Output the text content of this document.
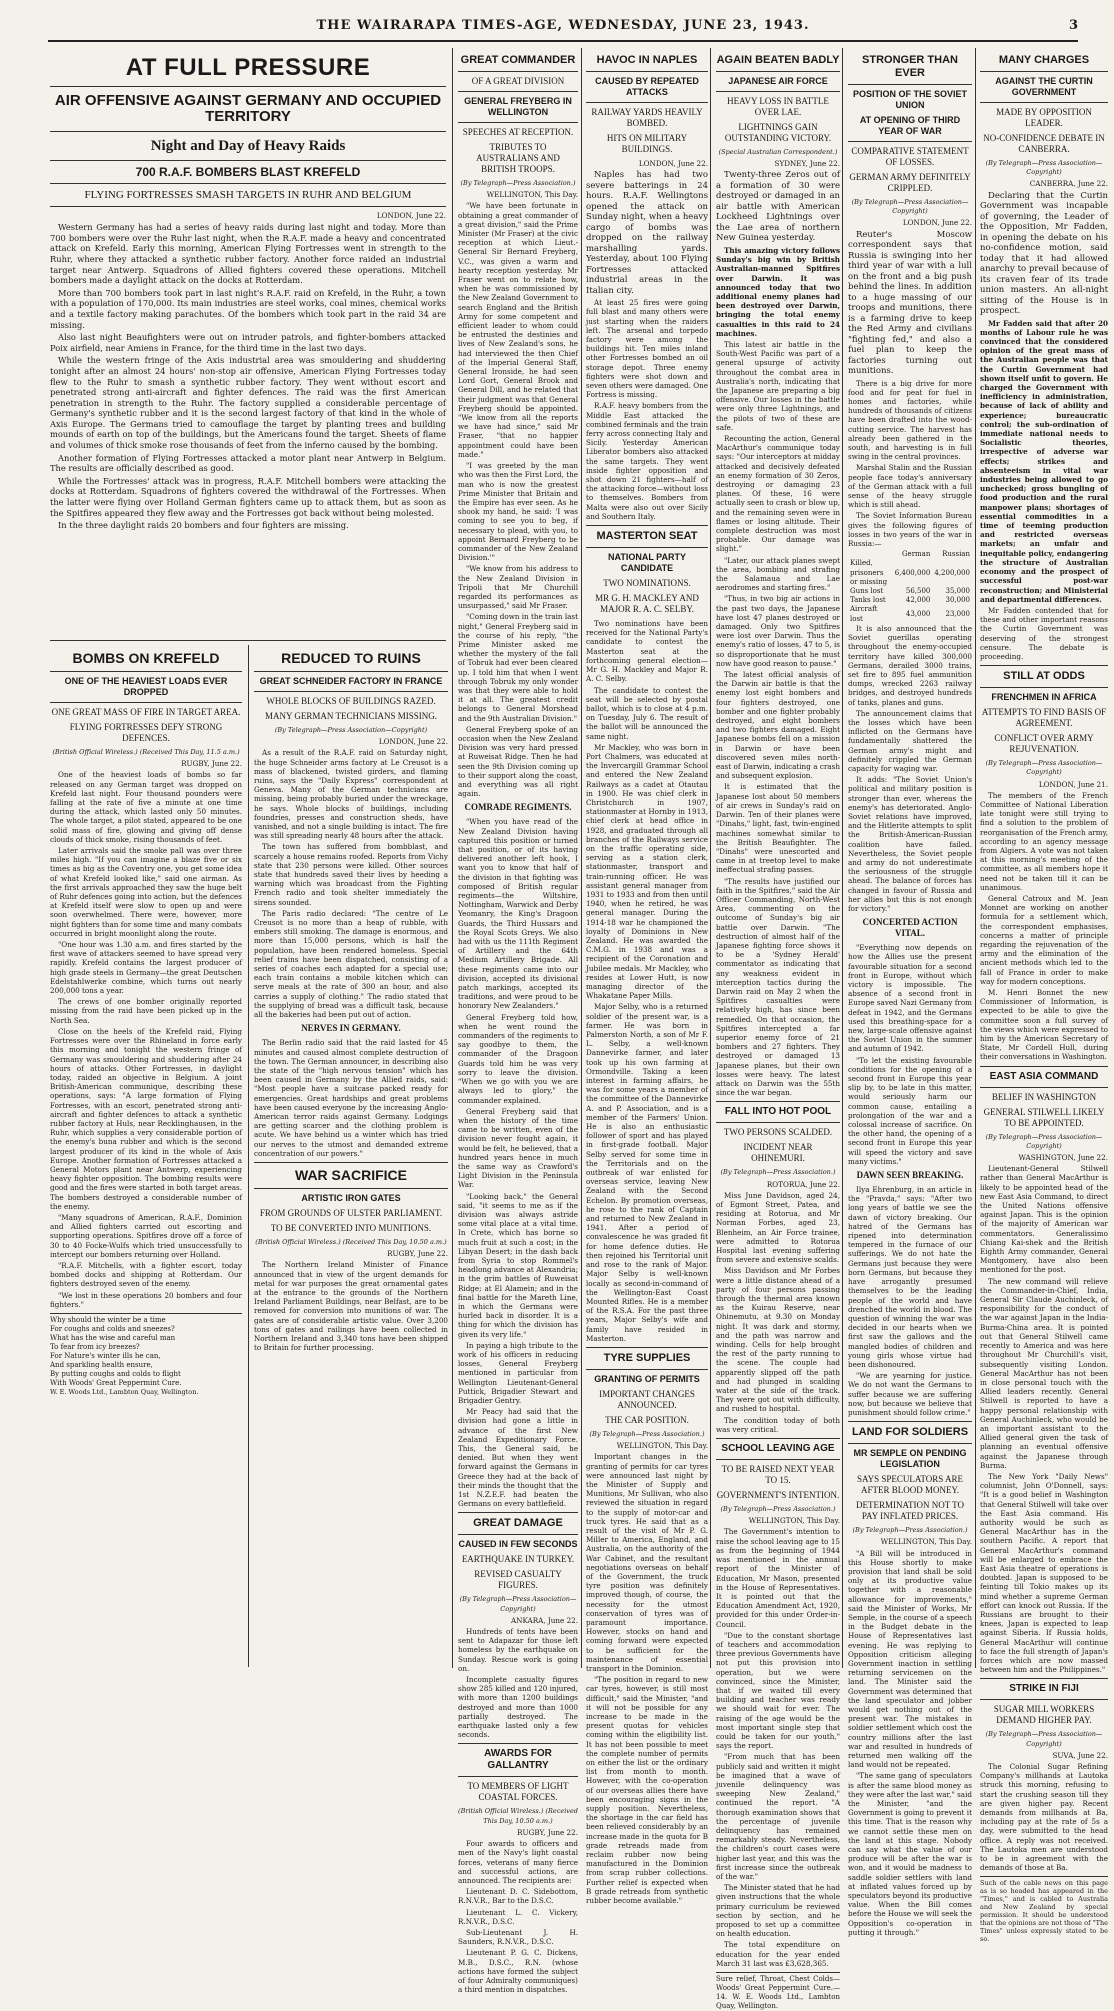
THE WAIRARAPA TIMES-AGE, WEDNESDAY, JUNE 23, 1943.	3
AT FULL PRESSURE
AIR OFFENSIVE AGAINST GERMANY AND OCCUPIED TERRITORY
Night and Day of Heavy Raids
700 R.A.F. BOMBERS BLAST KREFELD
FLYING FORTRESSES SMASH TARGETS IN RUHR AND BELGIUM
LONDON, June 22.

Western Germany has had a series of heavy raids during last night and today. More than 700 bombers were over the Ruhr last night, when the R.A.F. made a heavy and concentrated attack on Krefeld. Early this morning, American Flying Fortresses went in strength to the Ruhr, where they attacked a synthetic rubber factory. Another force raided an industrial target near Antwerp. Squadrons of Allied fighters covered these operations. Mitchell bombers made a daylight attack on the docks at Rotterdam.

More than 700 bombers took part in last night's R.A.F. raid on Krefeld, in the Ruhr, a town with a population of 170,000. Its main industries are steel works, coal mines, chemical works and a textile factory making parachutes. Of the bombers which took part in the raid 34 are missing.

Also last night Beaufighters were out on intruder patrols, and fighter-bombers attacked Poix airfield, near Amiens in France, for the third time in the last two days.

While the western fringe of the Axis industrial area was smouldering and shuddering tonight after an almost 24 hours' non-stop air offensive, American Flying Fortresses today flew to the Ruhr to smash a synthetic rubber factory. They went without escort and penetrated strong anti-aircraft and fighter defences. The raid was the first American penetration in strength to the Ruhr. The factory supplied a considerable percentage of Germany's synthetic rubber and it is the second largest factory of that kind in the whole of Axis Europe. The Germans tried to camouflage the target by planting trees and building mounds of earth on top of the buildings, but the Americans found the target. Sheets of flame and volumes of thick smoke rose thousands of feet from the inferno caused by the bombing.

Another formation of Flying Fortresses attacked a motor plant near Antwerp in Belgium. The results are officially described as good.

While the Fortresses' attack was in progress, R.A.F. Mitchell bombers were attacking the docks at Rotterdam. Squadrons of fighters covered the withdrawal of the Fortresses. When the latter were flying over Holland German fighters came up to attack them, but as soon as the Spitfires appeared they flew away and the Fortresses got back without being molested.

In the three daylight raids 20 bombers and four fighters are missing.

BOMBS ON KREFELD
ONE OF THE HEAVIEST LOADS EVER DROPPED
ONE GREAT MASS OF FIRE IN TARGET AREA.
FLYING FORTRESSES DEFY STRONG DEFENCES.
(British Official Wireless.) (Received This Day, 11.5 a.m.)
RUGBY, June 22.

One of the heaviest loads of bombs so far released on any German target was dropped on Krefeld last night. Four thousand pounders were falling at the rate of five a minute at one time during the attack, which lasted only 50 minutes. The whole target, a pilot stated, appeared to be one solid mass of fire, glowing and giving off dense clouds of thick smoke, rising thousands of feet.

Later arrivals said the smoke pall was over three miles high. "If you can imagine a blaze five or six times as big as the Coventry one, you get some idea of what Krefeld looked like," said one airman. As the first arrivals approached they saw the huge belt of Ruhr defences going into action, but the defences at Krefeld itself were slow to open up and were soon overwhelmed. There were, however, more night fighters than for some time and many combats occurred in bright moonlight along the route.

"One hour was 1.30 a.m. and fires started by the first wave of attackers seemed to have spread very rapidly. Krefeld contains the largest producer of high grade steels in Germany—the great Deutschen Edelstahlwerke combine, which turns out nearly 200,000 tons a year.

The crews of one bomber originally reported missing from the raid have been picked up in the North Sea.

Close on the heels of the Krefeld raid, Flying Fortresses were over the Rhineland in force early this morning and tonight the western fringe of Germany was smouldering and shuddering after 24 hours of attacks. Other Fortresses, in daylight today, raided an objective in Belgium. A joint British-American communique, describing these operations, says: "A large formation of Flying Fortresses, with an escort, penetrated strong anti-aircraft and fighter defences to attack a synthetic rubber factory at Huls, near Recklinghausen, in the Ruhr, which supplies a very considerable portion of the enemy's buna rubber and which is the second largest producer of its kind in the whole of Axis Europe. Another formation of Fortresses attacked a General Motors plant near Antwerp, experiencing heavy fighter opposition. The bombing results were good and the fires were started in both target areas. The bombers destroyed a considerable number of the enemy.

"Many squadrons of American, R.A.F., Dominion and Allied fighters carried out escorting and supporting operations. Spitfires drove off a force of 30 to 40 Focke-Wulfs which tried unsuccessfully to intercept our bombers returning over Holland.

"R.A.F. Mitchells, with a fighter escort, today bombed docks and shipping at Rotterdam. Our fighters destroyed seven of the enemy.

"We lost in these operations 20 bombers and four fighters."

Why should the winter be a time
For coughs and colds and sneezes?
What has the wise and careful man
To fear from icy breezes?
For Nature's winter ills he can,
And sparkling health ensure,
By putting coughs and colds to flight
With Woods' Great Peppermint Cure.
W. E. Woods Ltd., Lambton Quay, Wellington.
REDUCED TO RUINS
GREAT SCHNEIDER FACTORY IN FRANCE
WHOLE BLOCKS OF BUILDINGS RAZED.
MANY GERMAN TECHNICIANS MISSING.
(By Telegraph—Press Association—Copyright)
LONDON, June 22.

As a result of the R.A.F. raid on Saturday night, the huge Schneider arms factory at Le Creusot is a mass of blackened, twisted girders, and flaming ruins, says the "Daily Express" correspondent at Geneva. Many of the German technicians are missing, being probably buried under the wreckage, he says. Whole blocks of buildings, including foundries, presses and construction sheds, have vanished, and not a single building is intact. The fire was still spreading nearly 48 hours after the attack.

The town has suffered from bombblast, and scarcely a house remains roofed. Reports from Vichy state that 230 persons were killed. Other sources state that hundreds saved their lives by heeding a warning which was broadcast from the Fighting French radio and took shelter immediately the sirens sounded.

The Paris radio declared: "The centre of Le Creusot is no more than a heap of rubble, with embers still smoking. The damage is enormous, and more than 15,000 persons, which is half the population, have been rendered homeless. Special relief trains have been dispatched, consisting of a series of coaches each adapted for a special use; each train contains a mobile kitchen which can serve meals at the rate of 300 an hour, and also carries a supply of clothing." The radio stated that the supplying of bread was a difficult task, because all the bakeries had been put out of action.

NERVES IN GERMANY.

The Berlin radio said that the raid lasted for 45 minutes and caused almost complete destruction of the town. The German announcer, in describing also the state of the "high nervous tension" which has been caused in Germany by the Allied raids, said: "Most people have a suitcase packed ready for emergencies. Great hardships and great problems have been caused everyone by the increasing Anglo-American terror raids against Germany. Lodgings are getting scarcer and the clothing problem is acute. We have behind us a winter which has tried our nerves to the utmost and demanded extreme concentration of our powers."

WAR SACRIFICE
ARTISTIC IRON GATES
FROM GROUNDS OF ULSTER PARLIAMENT.
TO BE CONVERTED INTO MUNITIONS.
(British Official Wireless.) (Received This Day, 10.50 a.m.)
RUGBY, June 22.

The Northern Ireland Minister of Finance announced that in view of the urgent demands for metal for war purposes the great ornamental gates at the entrance to the grounds of the Northern Ireland Parliament Buildings, near Belfast, are to be removed for conversion into munitions of war. The gates are of considerable artistic value. Over 3,200 tons of gates and railings have been collected in Northern Ireland and 3,340 tons have been shipped to Britain for further processing.

GREAT COMMANDER
OF A GREAT DIVISION
GENERAL FREYBERG IN WELLINGTON
SPEECHES AT RECEPTION.
TRIBUTES TO AUSTRALIANS AND BRITISH TROOPS.
(By Telegraph—Press Association.)
WELLINGTON, This Day.

"We have been fortunate in obtaining a great commander of a great division," said the Prime Minister (Mr Fraser) at the civic reception at which Lieut.-General Sir Bernard Freyberg, V.C., was given a warm and hearty reception yesterday. Mr Fraser went on to relate how, when he was commissioned by the New Zealand Government to search England and the British Army for some competent and efficient leader to whom could be entrusted the destinies and lives of New Zealand's sons, he had interviewed the then Chief of the Imperial General Staff, General Ironside, he had seen Lord Gort, General Brook and General Dill, and he related that their judgment was that General Freyberg should be appointed. "We know from all the reports we have had since," said Mr Fraser, "that no happier appointment could have been made."

"I was greeted by the man who was then the First Lord, the man who is now the greatest Prime Minister that Britain and the Empire has ever seen. As he shook my hand, he said: 'I was coming to see you to beg, if necessary to plead, with you, to appoint Bernard Freyberg to be commander of the New Zealand Division.'"

"We know from his address to the New Zealand Division in Tripoli that Mr Churchill regarded its performances as unsurpassed," said Mr Fraser.

"Coming down in the train last night," General Freyberg said in the course of his reply, "the Prime Minister asked me whether the mystery of the fall of Tobruk had ever been cleared up. I told him that when I went through Tobruk my only wonder was that they were able to hold it at all. The greatest credit belongs to General Morshead and the 9th Australian Division."

General Freyberg spoke of an occasion when the New Zealand Division was very hard pressed at Ruweisat Ridge. Then he had seen the 9th Division coming up to their support along the coast, and everything was all right again.

COMRADE REGIMENTS.

"When you have read of the New Zealand Division having captured this position or turned that position, or of its having delivered another left hook, I want you to know that half of the division in that fighting was composed of British regular regiments—the Wiltshire, Nottingham, Warwick and Derby Yeomanry, the King's Dragoon Guards, the Third Hussars and the Royal Scots Greys. We also had with us the 111th Regiment of Artillery and the 64th Medium Artillery Brigade. All these regiments came into our division, accepted its divisional patch markings, accepted its traditions, and were proud to be honorary New Zealanders."

General Freyberg told how, when he went round the commanders of the regiments to say goodbye to them, the commander of the Dragoon Guards told him he was very sorry to leave the division. "When we go with you we are always led to glory," the commander explained.

General Freyberg said that when the history of the time came to be written, even of the division never fought again, it would be felt, he believed, that a hundred years hence in much the same way as Crawford's Light Division in the Peninsula War.

"Looking back," the General said, "it seems to me as if the division was always astride some vital place at a vital time. In Crete, which has borne so much fruit at such a cost; in the Libyan Desert; in the dash back from Syria to stop Rommel's headlong advance at Alexandria; in the grim battles of Ruweisat Ridge; at El Alamein; and in the final battle for the Mareth Line, in which the Germans were hurled back in disorder. It is a thing for which the division has given its very life."

In paying a high tribute to the work of his officers in reducing losses, General Freyberg mentioned in particular from Wellington Lieutenant-General Puttick, Brigadier Stewart and Brigadier Gentry.

Mr Peacy had said that the division had gone a little in advance of the first New Zealand Expeditionary Force. This, the General said, he denied. But when they went forward against the Germans in Greece they had at the back of their minds the thought that the 1st N.Z.E.F. had beaten the Germans on every battlefield.

GREAT DAMAGE
CAUSED IN FEW SECONDS
EARTHQUAKE IN TURKEY.
REVISED CASUALTY FIGURES.
(By Telegraph—Press Association—Copyright)
ANKARA, June 22.

Hundreds of tents have been sent to Adapazar for those left homeless by the earthquake on Sunday. Rescue work is going on.

Incomplete casualty figures show 285 killed and 120 injured, with more than 1200 buildings destroyed and more than 1000 partially destroyed. The earthquake lasted only a few seconds.

AWARDS FOR GALLANTRY
TO MEMBERS OF LIGHT COASTAL FORCES.
(British Official Wireless.) (Received This Day, 10.50 a.m.)
RUGBY, June 22.

Four awards to officers and men of the Navy's light coastal forces, veterans of many fierce and successful actions, are announced. The recipients are:

Lieutenant D. C. Sidebottom, R.N.V.R., Bar to the D.S.C.

Lieutenant L. C. Vickery, R.N.V.R., D.S.C.

Sub-Lieutenant J. H. Saunders, R.N.V.R., D.S.C.

Lieutenant P. G. C. Dickens, M.B., D.S.C., R.N. (whose actions have formed the subject of four Admiralty communiques) a third mention in dispatches.

HAVOC IN NAPLES
CAUSED BY REPEATED ATTACKS
RAILWAY YARDS HEAVILY BOMBED.
HITS ON MILITARY BUILDINGS.
LONDON, June 22.

Naples has had two severe batterings in 24 hours. R.A.F. Wellingtons opened the attack on Sunday night, when a heavy cargo of bombs was dropped on the railway marshalling yards. Yesterday, about 100 Flying Fortresses attacked industrial areas in the Italian city.

At least 25 fires were going full blast and many others were just starting when the raiders left. The arsenal and torpedo factory were among the buildings hit. Ten miles inland other Fortresses bombed an oil storage depot. Three enemy fighters were shot down and seven others were damaged. One Fortress is missing.

R.A.F. heavy bombers from the Middle East attacked the combined ferminals and the train ferry across connecting Italy and Sicily. Yesterday American Liberator bombers also attacked the same targets. They went inside fighter opposition and shot down 21 fighters—half of the attacking force—without loss to themselves. Bombers from Malta were also out over Sicily and Southern Italy.

MASTERTON SEAT
NATIONAL PARTY CANDIDATE
TWO NOMINATIONS.
MR G. H. MACKLEY AND MAJOR R. A. C. SELBY.

Two nominations have been received for the National Party's candidate to contest the Masterton seat at the forthcoming general election—Mr G. H. Mackley and Major R. A. C. Selby.

The candidate to contest the seat will be selected by postal ballot, which is to close at 4 p.m. on Tuesday, July 6. The result of the ballot will be announced the same night.

Mr Mackley, who was born in Port Chalmers, was educated at the Invercargill Grammar School and entered the New Zealand Railways as a cadet at Otautau in 1900. He was chief clerk in Christchurch in 1907, stationmaster at Hornby in 1913, chief clerk at head office in 1928, and graduated through all branches of the Railways service on the traffic operating side, serving as a station clerk, stationmaster, transport and train-running officer. He was assistant general manager from 1931 to 1933 and from then until 1940, when he retired, he was general manager. During the 1914-18 war he championed the loyalty of Dominions in New Zealand. He was awarded the C.M.G. in 1938 and was a recipient of the Coronation and Jubilee medals. Mr Mackley, who resides at Lower Hutt, is now managing director of the Whakatane Paper Mills.

Major Selby, who is a returned soldier of the present war, is a farmer. He was born in Palmerston North, a son of Mr F. L. Selby, a well-known Dannevirke farmer, and later took up his own farming at Ormondville. Taking a keen interest in farming affairs, he was for some years a member of the committee of the Dannevirke A. and P. Association, and is a member of the Farmers' Union. He is also an enthusiastic follower of sport and has played in first-grade football. Major Selby served for some time in the Territorials and on the outbreak of war enlisted for overseas service, leaving New Zealand with the Second Echelon. By promotion overseas, he rose to the rank of Captain and returned to New Zealand in 1941. After a period of convalescence he was graded fit for home defence duties. He then rejoined his Territorial unit and rose to the rank of Major. Major Selby is well-known locally as second-in-command of the Wellington-East Coast Mounted Rifles. He is a member of the R.S.A. For the past three years, Major Selby's wife and family have resided in Masterton.

TYRE SUPPLIES
GRANTING OF PERMITS
IMPORTANT CHANGES ANNOUNCED.
THE CAR POSITION.
(By Telegraph—Press Association.)
WELLINGTON, This Day.

Important changes in the granting of permits for car tyres were announced last night by the Minister of Supply and Munitions, Mr Sullivan, who also reviewed the situation in regard to the supply of motor-car and truck tyres. He said that as a result of the visit of Mr P. G. Miller to America, England, and Australia, on the authority of the War Cabinet, and the resultant negotiations overseas on behalf of the Government, the truck tyre position was definitely improved though, of course, the necessity for the utmost conservation of tyres was of paramount importance. However, stocks on hand and coming forward were expected to be sufficient for the maintenance of essential transport in the Dominion.

"The position in regard to new car tyres, however, is still most difficult," said the Minister, "and it will not be possible for any increase to be made in the present quotas for vehicles coming within the eligibility list. It has not been possible to meet the complete number of permits on either the list or the ordinary list from month to month. However, with the co-operation of our overseas allies there have been encouraging signs in the supply position. Nevertheless, the shortage in the car field has been relieved considerably by an increase made in the quota for B grade retreads made from reclaim rubber now being manufactured in the Dominion from scrap rubber collections. Further relief is expected when B grade retreads from synthetic rubber become available."

AGAIN BEATEN BADLY
JAPANESE AIR FORCE
HEAVY LOSS IN BATTLE OVER LAE.
LIGHTNINGS GAIN OUTSTANDING VICTORY.
(Special Australian Correspondent.)
SYDNEY, June 22.

Twenty-three Zeros out of a formation of 30 were destroyed or damaged in an air battle with American Lockheed Lightnings over the Lae area of northern New Guinea yesterday.

This amazing victory follows Sunday's big win by British Australian-manned Spitfires over Darwin. It was announced today that two additional enemy planes had been destroyed over Darwin, bringing the total enemy casualties in this raid to 24 machines.

This latest air battle in the South-West Pacific was part of a general upsurge of activity throughout the combat area in Australia's north, indicating that the Japanese are preparing a big offensive. Our losses in the battle were only three Lightnings, and the pilots of two of these are safe.

Recounting the action, General MacArthur's communique today says: "Our interceptors at midday attacked and decisively defeated an enemy formation of 30 Zeros, destroying or damaging 23 planes. Of these, 16 were actually seen to crash or blow up, and the remaining seven were in flames or losing altitude. Their complete destruction was most probable. Our damage was slight."

"Later, our attack planes swept the area, bombing and strafing the Salamaua and Lae aerodromes and starting fires."

"Thus, in two big air actions in the past two days, the Japanese have lost 47 planes destroyed or damaged. Only two Spitfires were lost over Darwin. Thus the enemy's ratio of losses, 47 to 5, is so disproportionate that he must now have good reason to pause."

The latest official analysis of the Darwin air battle is that the enemy lost eight bombers and four fighters destroyed, one bomber and one fighter probably destroyed, and eight bombers and two fighters damaged. Eight Japanese bombs fell on a mission in Darwin or have been discovered seven miles north-east of Darwin, indicating a crash and subsequent explosion.

It is estimated that the Japanese lost about 50 members of air crews in Sunday's raid on Darwin. Ten of their planes were "Dinahs," light, fast, twin-engined machines somewhat similar to the British Beaufighter. The "Dinahs" were unescorted and came in at treetop level to make ineffectual strafing passes.

"The results have justified our faith in the Spitfires," said the Air Officer Commanding, North-West Area, commenting on the outcome of Sunday's big air battle over Darwin. "The destruction of almost half of the Japanese fighting force shows it to be a 'Sydney Herald' commentator as indicating that any weakness evident in interception tactics during the Darwin raid on May 2 when the Spitfires casualties were relatively high, has since been remedied. On that occasion, the Spitfires intercepted a far superior enemy force of 21 bombers and 27 fighters. They destroyed or damaged 13 Japanese planes, but their own losses were heavy. The latest attack on Darwin was the 55th since the war began.

FALL INTO HOT POOL
TWO PERSONS SCALDED.
INCIDENT NEAR OHINEMURI.
(By Telegraph—Press Association.)
ROTORUA, June 22.

Miss June Davidson, aged 24, of Egmont Street, Patea, and residing at Rotorua, and Mr Norman Forbes, aged 23, Blenheim, an Air Force trainee, were admitted to Rotorua Hospital last evening suffering from severe and extensive scalds.

Miss Davidson and Mr Forbes were a little distance ahead of a party of four persons passing through the thermal area known as the Kuirau Reserve, near Ohinemutu, at 9.30 on Monday night. It was dark and stormy, and the path was narrow and winding. Cells for help brought the rest of the party running to the scene. The couple had apparently slipped off the path and had plunged in scalding water at the side of the track. They were got out with difficulty, and rushed to hospital.

The condition today of both was very critical.

SCHOOL LEAVING AGE
TO BE RAISED NEXT YEAR TO 15.
GOVERNMENT'S INTENTION.
(By Telegraph—Press Association.)
WELLINGTON, This Day.

The Government's intention to raise the school leaving age to 15 as from the beginning of 1944 was mentioned in the annual report of the Minister of Education, Mr Mason, presented in the House of Representatives. It is pointed out that the Education Amendment Act, 1920, provided for this under Order-in-Council.

"Due to the constant shortage of teachers and accommodation three previous Governments have not put this provision into operation, but we were convinced, since the Minister, that if we waited till every building and teacher was ready we should wait for ever. The raising of the age would be the most important single step that could be taken for our youth," says the report.

"From much that has been publicly said and written it might be imagined that a wave of juvenile delinquency was sweeping New Zealand," continued the report. "A thorough examination shows that the percentage of juvenile delinquency has remained remarkably steady. Nevertheless, the children's court cases were higher last year, and this was the first increase since the outbreak of the war."

The Minister stated that he had given instructions that the whole primary curriculum be reviewed section by section, and he proposed to set up a committee on health education.

The total expenditure on education for the year ended March 31 last was £3,628,365.

Sure relief, Throat, Chest Colds—Woods' Great Peppermint Cure.—14. W. E. Woods Ltd., Lambton Quay, Wellington.
STRONGER THAN EVER
POSITION OF THE SOVIET UNION
AT OPENING OF THIRD YEAR OF WAR
COMPARATIVE STATEMENT OF LOSSES.
GERMAN ARMY DEFINITELY CRIPPLED.
(By Telegraph—Press Association—Copyright)
LONDON, June 22.

Reuter's Moscow correspondent says that Russia is swinging into her third year of war with a lull on the front and a big push behind the lines. In addition to a huge massing of our troops and munitions, there is a farming drive to keep the Red Army and civilians "fighting fed," and also a fuel plan to keep the factories turning out munitions.

There is a big drive for more food and for peat for fuel in homes and factories, while hundreds of thousands of citizens have been drafted into the wood-cutting service. The harvest has already been gathered in the south, and harvesting is in full swing in the central provinces.

Marshal Stalin and the Russian people face today's anniversary of the German attack with a full sense of the heavy struggle which is still ahead.

The Soviet Information Bureau gives the following figures of losses in two years of the war in Russia:—

	German	Russian
Killed, prisoners or missing	6,400,000	4,200,000
Guns lost	56,500	35,000
Tanks lost	42,000	30,000
Aircraft lost	43,000	23,000

It is also announced that the Soviet guerillas operating throughout the enemy-occupied territory have killed 300,000 Germans, derailed 3000 trains, set fire to 895 fuel ammunition dumps, wrecked 2263 railway bridges, and destroyed hundreds of tanks, planes and guns.

The announcement claims that the losses which have been inflicted on the Germans have fundamentally shattered the German army's might and definitely crippled the German capacity for waging war.

It adds: "The Soviet Union's political and military position is stronger than ever, whereas the enemy's has deteriorated. Anglo-Soviet relations have improved, and the Hitlerite attempts to split the British-American-Russian coalition have failed. Nevertheless, the Soviet people and army do not underestimate the seriousness of the struggle ahead. The balance of forces has changed in favour of Russia and her allies but this is not enough for victory."

CONCERTED ACTION VITAL.

"Everything now depends on how the Allies use the present favourable situation for a second front in Europe, without which victory is impossible. The absence of a second front in Europe saved Nazi Germany from defeat in 1942, and the Germans used this breathing-space for a new, large-scale offensive against the Soviet Union in the summer and autumn of 1942.

"To let the existing favourable conditions for the opening of a second front in Europe this year slip by, to be late in this matter, would seriously harm our common cause, entailing a prolongation of the war and a colossal increase of sacrifice. On the other hand, the opening of a second front in Europe this year will speed the victory and save many victims."

DAWN SEEN BREAKING.

Ilya Ehrenburg, in an article in the "Pravda," says: "After two long years of battle we see the dawn of victory breaking. Our hatred of the Germans has ripened into determination tempered in the furnace of our sufferings. We do not hate the Germans just because they were born Germans, but because they have arrogantly presumed themselves to be the leading people of the world and have drenched the world in blood. The question of winning the war was decided in our hearts when we first saw the gallows and the mangled bodies of children and young girls whose virtue had been dishonoured.

"We are yearning for justice. We do not want the Germans to suffer because we are suffering now, but because we believe that punishment should follow crime."

LAND FOR SOLDIERS
MR SEMPLE ON PENDING LEGISLATION
SAYS SPECULATORS ARE AFTER BLOOD MONEY.
DETERMINATION NOT TO PAY INFLATED PRICES.
(By Telegraph—Press Association.)
WELLINGTON, This Day.

"A Bill will be introduced in this House shortly to make provision that land shall be sold only at its productive value together with a reasonable allowance for improvements," said the Minister of Works, Mr Semple, in the course of a speech in the Budget debate in the House of Representatives last evening. He was replying to Opposition criticism alleging Government inaction in settling returning servicemen on the land. The Minister said the Government was determined that the land speculator and jobber would get nothing out of the present war. The mistakes in soldier settlement which cost the country millions after the last war and resulted in hundreds of returned men walking off the land would not be repeated.

"The same gang of speculators is after the same blood money as they were after the last war," said the Minister, "and the Government is going to prevent it this time. That is the reason why we cannot settle these men on the land at this stage. Nobody can say what the value of our produce will be after the war is won, and it would be madness to saddle soldier settlers with land at inflated values forced up by speculators beyond its productive value. When the Bill comes before the House we will seek the Opposition's co-operation in putting it through."

MANY CHARGES
AGAINST THE CURTIN GOVERNMENT
MADE BY OPPOSITION LEADER.
NO-CONFIDENCE DEBATE IN CANBERRA.
(By Telegraph—Press Association—Copyright)
CANBERRA, June 22.

Declaring that the Curtin Government was incapable of governing, the Leader of the Opposition, Mr Fadden, in opening the debate on his no-confidence motion, said today that it had allowed anarchy to prevail because of its craven fear of its trade union masters. An all-night sitting of the House is in prospect.

Mr Fadden said that after 20 months of Labour rule he was convinced that the considered opinion of the great mass of the Australian people was that the Curtin Government had shown itself unfit to govern. He charged the Government with inefficiency in administration, because of lack of ability and experience; bureaucratic control; the sub-ordination of immediate national needs to Socialistic theories, irrespective of adverse war effects; strikes and absenteeism in vital war industries being allowed to go unchecked; gross bungling of food production and the rural manpower plans; shortages of essential commodities in a time of teeming production and restricted overseas markets; an unfair and inequitable policy, endangering the structure of Australian economy and the prospect of successful post-war reconstruction; and Ministerial and departmental differences.

Mr Fadden contended that for these and other important reasons the Curtin Government was deserving of the strongest censure. The debate is proceeding.

STILL AT ODDS
FRENCHMEN IN AFRICA
ATTEMPTS TO FIND BASIS OF AGREEMENT.
CONFLICT OVER ARMY REJUVENATION.
(By Telegraph—Press Association—Copyright)
LONDON, June 21.

The members of the French Committee of National Liberation late tonight were still trying to find a solution to the problem of reorganisation of the French army, according to an agency message from Algiers. A vote was not taken at this morning's meeting of the committee, as all members hope it need not be taken till it can be unanimous.

General Catroux and M. Jean Monnet are working on another formula for a settlement which, the correspondent emphasises, concerns a matter of principle regarding the rejuvenation of the army and the elimination of the ancient methods which led to the fall of France in order to make way for modern conceptions.

M. Henri Bonnet the new Commissioner of Information, is expected to be able to give the committee soon a full survey of the views which were expressed to him by the American Secretary of State, Mr Cordell Hull, during their conversations in Washington.

EAST ASIA COMMAND
BELIEF IN WASHINGTON
GENERAL STILWELL LIKELY TO BE APPOINTED.
(By Telegraph—Press Association—Copyright)
WASHINGTON, June 22.

Lieutenant-General Stilwell rather than General MacArthur is likely to be appointed head of the new East Asia Command, to direct the United Nations offensive against Japan. This is the opinion of the majority of American war commentators. Generalissimo Chiang Kai-shek and the British Eighth Army commander, General Montgomery, have also been mentioned for the post.

The new command will relieve the Commander-in-Chief, India, General Sir Claude Auchinleck, of responsibility for the conduct of the war against Japan in the India-Burma-China area. It is pointed out that General Stilwell came recently to America and was here throughout Mr Churchill's visit, subsequently visiting London. General MacArthur has not been in close personal touch with the Allied leaders recently. General Stilwell is reported to have a happy personal relationship with General Auchinleck, who would be an important assistant to the Allied general given the task of planning an eventual offensive against the Japanese through Burma.

The New York "Daily News" columnist, John O'Donnell, says: "It is a good belief in Washington that General Stilwell will take over the East Asia command. His authority would be such as General MacArthur has in the southern Pacific. A report that General MacArthur's command will be enlarged to embrace the East Asia theatre of operations is doubted. Japan is supposed to be feinting till Tokio makes up its mind whether a supreme German effort can knock out Russia. If the Russians are brought to their knees, Japan is expected to leap against Siberia. If Russia holds, General MacArthur will continue to face the full strength of Japan's forces which are now massed between him and the Philippines."

STRIKE IN FIJI
SUGAR MILL WORKERS DEMAND HIGHER PAY.
(By Telegraph—Press Association—Copyright)
SUVA, June 22.

The Colonial Sugar Refining Company's millhands at Lautoka struck this morning, refusing to start the crushing season till they are given higher pay. Recent demands from millhands at Ba, including pay at the rate of 5s a day, were submitted to the head office. A reply was not received. The Lautoka men are understood to be in agreement with the demands of those at Ba.

Such of the cable news on this page as is so headed has appeared in the "Times," and is cabled to Australia and New Zealand by special permission. It should be understood that the opinions are not those of "The Times" unless expressly stated to be so.
